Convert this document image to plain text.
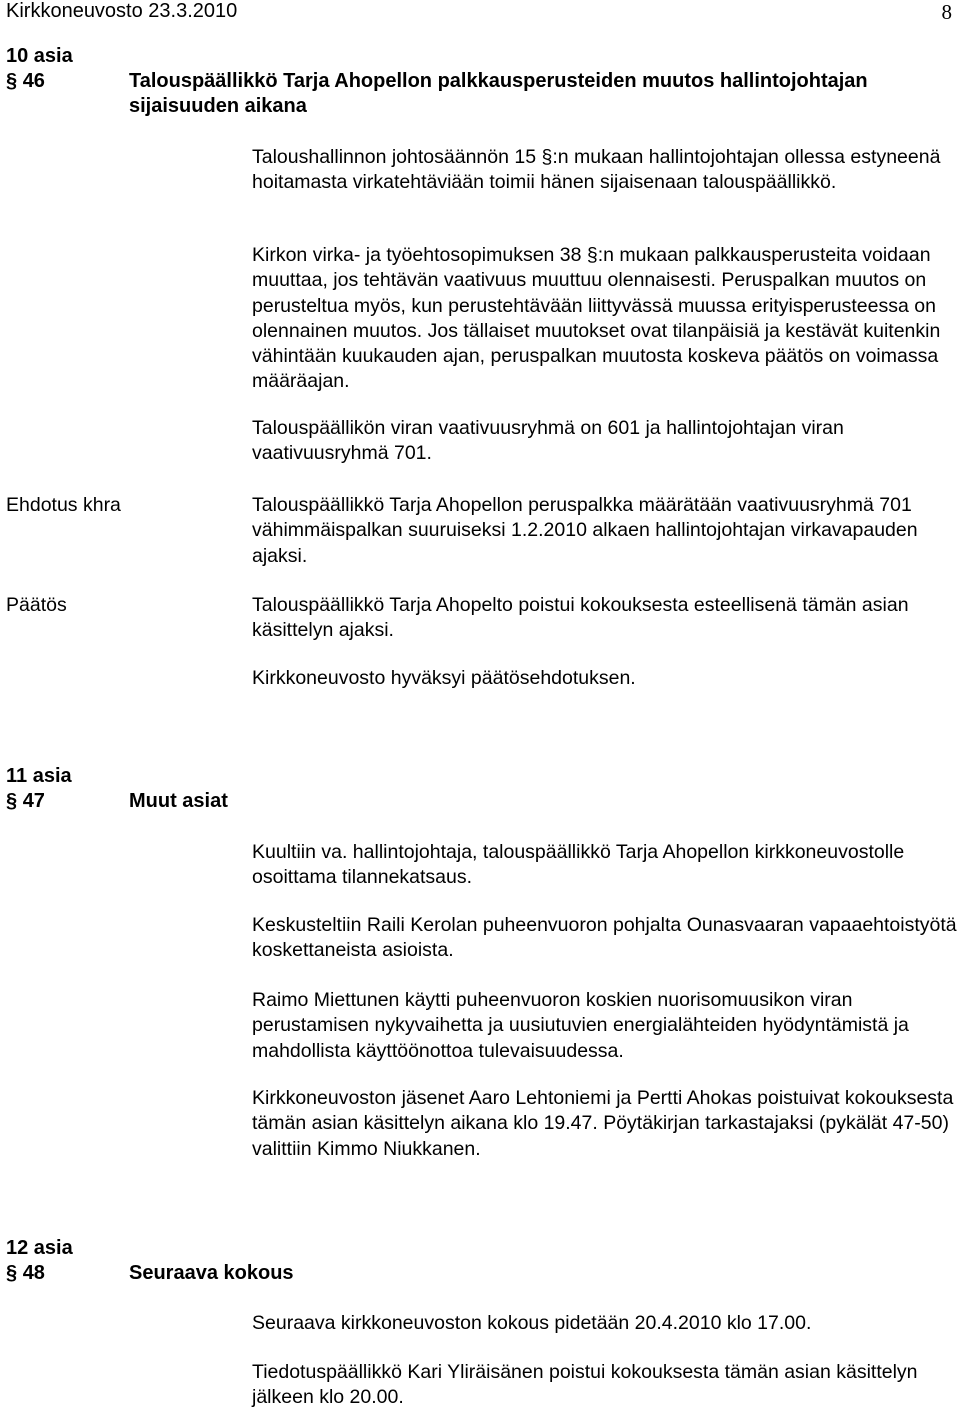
Kirkkoneuvosto 23.3.2010	8
10 asia
§ 46	Talouspäällikkö Tarja Ahopellon palkkausperusteiden muutos hallintojohtajan sijaisuuden aikana

Taloushallinnon johtosäännön 15 §:n mukaan hallintojohtajan ollessa estyneenä hoitamasta virkatehtäviään toimii hänen sijaisenaan talouspäällikkö.

Kirkon virka- ja työehtosopimuksen 38 §:n mukaan palkkausperusteita voidaan muuttaa, jos tehtävän vaativuus muuttuu olennaisesti. Peruspalkan muutos on perusteltua myös, kun perustehtävään liittyvässä muussa erityisperusteessa on olennainen muutos. Jos tällaiset muutokset ovat tilanpäisiä ja kestävät kuitenkin vähintään kuukauden ajan, peruspalkan muutosta koskeva päätös on voimassa määräajan.

Talouspäällikön viran vaativuusryhmä on 601 ja hallintojohtajan viran vaativuusryhmä 701.

Ehdotus khra	Talouspäällikkö Tarja Ahopellon peruspalkka määrätään vaativuusryhmä 701 vähimmäispalkan suuruiseksi 1.2.2010 alkaen hallintojohtajan virkavapauden ajaksi.

Päätös	Talouspäällikkö Tarja Ahopelto poistui kokouksesta esteellisenä tämän asian käsittelyn ajaksi.

Kirkkoneuvosto hyväksyi päätösehdotuksen.

11 asia
§ 47	Muut asiat

Kuultiin va. hallintojohtaja, talouspäällikkö Tarja Ahopellon kirkkoneuvostolle osoittama tilannekatsaus.

Keskusteltiin Raili Kerolan puheenvuoron pohjalta Ounasvaaran vapaaehtoistyötä koskettaneista asioista.

Raimo Miettunen käytti puheenvuoron koskien nuorisomuusikon viran perustamisen nykyvaihetta ja uusiutuvien energialähteiden hyödyntämistä ja mahdollista käyttöönottoa tulevaisuudessa.

Kirkkoneuvoston jäsenet Aaro Lehtoniemi ja Pertti Ahokas poistuivat kokouksesta tämän asian käsittelyn aikana klo 19.47. Pöytäkirjan tarkastajaksi (pykälät 47-50) valittiin Kimmo Niukkanen.

12 asia
§ 48	Seuraava kokous

Seuraava kirkkoneuvoston kokous pidetään 20.4.2010 klo 17.00.

Tiedotuspäällikkö Kari Yliräisänen poistui kokouksesta tämän asian käsittelyn jälkeen klo 20.00.
